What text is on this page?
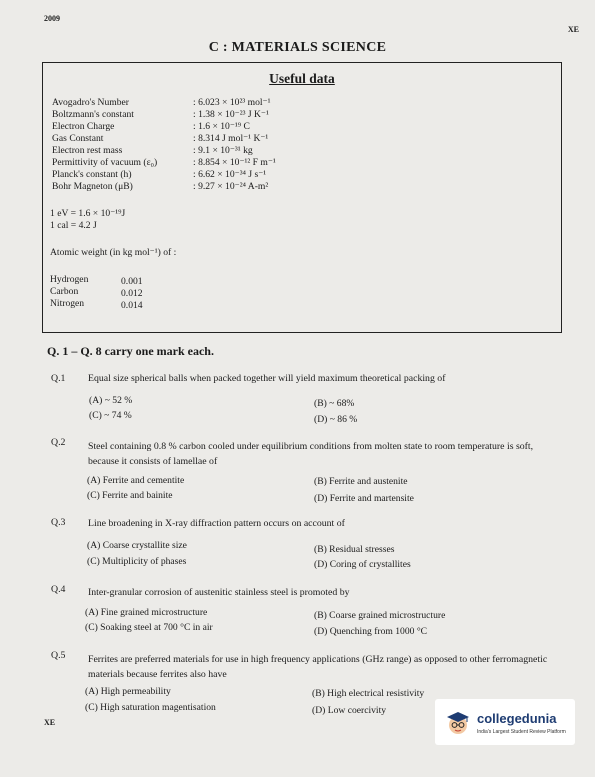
2009
XE
C : MATERIALS SCIENCE
Useful data
Avogadro's Number	: 6.023 × 10²³ mol⁻¹
Boltzmann's constant	: 1.38 × 10⁻²³ J K⁻¹
Electron Charge	: 1.6 × 10⁻¹⁹ C
Gas Constant	: 8.314 J mol⁻¹ K⁻¹
Electron rest mass	: 9.1 × 10⁻³¹ kg
Permittivity of vacuum (ε₀)	: 8.854 × 10⁻¹² F m⁻¹
Planck's constant (h)	: 6.62 × 10⁻³⁴ J s⁻¹
Bohr Magneton (μB)	: 9.27 × 10⁻²⁴ A-m²
1 eV = 1.6 × 10⁻¹⁹J
1 cal = 4.2 J
Atomic weight (in kg mol⁻¹) of :
Hydrogen	0.001
Carbon	0.012
Nitrogen	0.014
Q. 1 – Q. 8 carry one mark each.
Q.1 Equal size spherical balls when packed together will yield maximum theoretical packing of
(A) ~ 52 %	(B) ~ 68%
(C) ~ 74 %	(D) ~ 86 %
Q.2 Steel containing 0.8 % carbon cooled under equilibrium conditions from molten state to room temperature is soft, because it consists of lamellae of
(A) Ferrite and cementite	(B) Ferrite and austenite
(C) Ferrite and bainite	(D) Ferrite and martensite
Q.3 Line broadening in X-ray diffraction pattern occurs on account of
(A) Coarse crystallite size	(B) Residual stresses
(C) Multiplicity of phases	(D) Coring of crystallites
Q.4 Inter-granular corrosion of austenitic stainless steel is promoted by
(A) Fine grained microstructure	(B) Coarse grained microstructure
(C) Soaking steel at 700 °C in air	(D) Quenching from 1000 °C
Q.5 Ferrites are preferred materials for use in high frequency applications (GHz range) as opposed to other ferromagnetic materials because ferrites also have
(A) High permeability	(B) High electrical resistivity
(C) High saturation magentisation	(D) Low coercivity
XE	collegedunia
India's Largest Student Review Platform
